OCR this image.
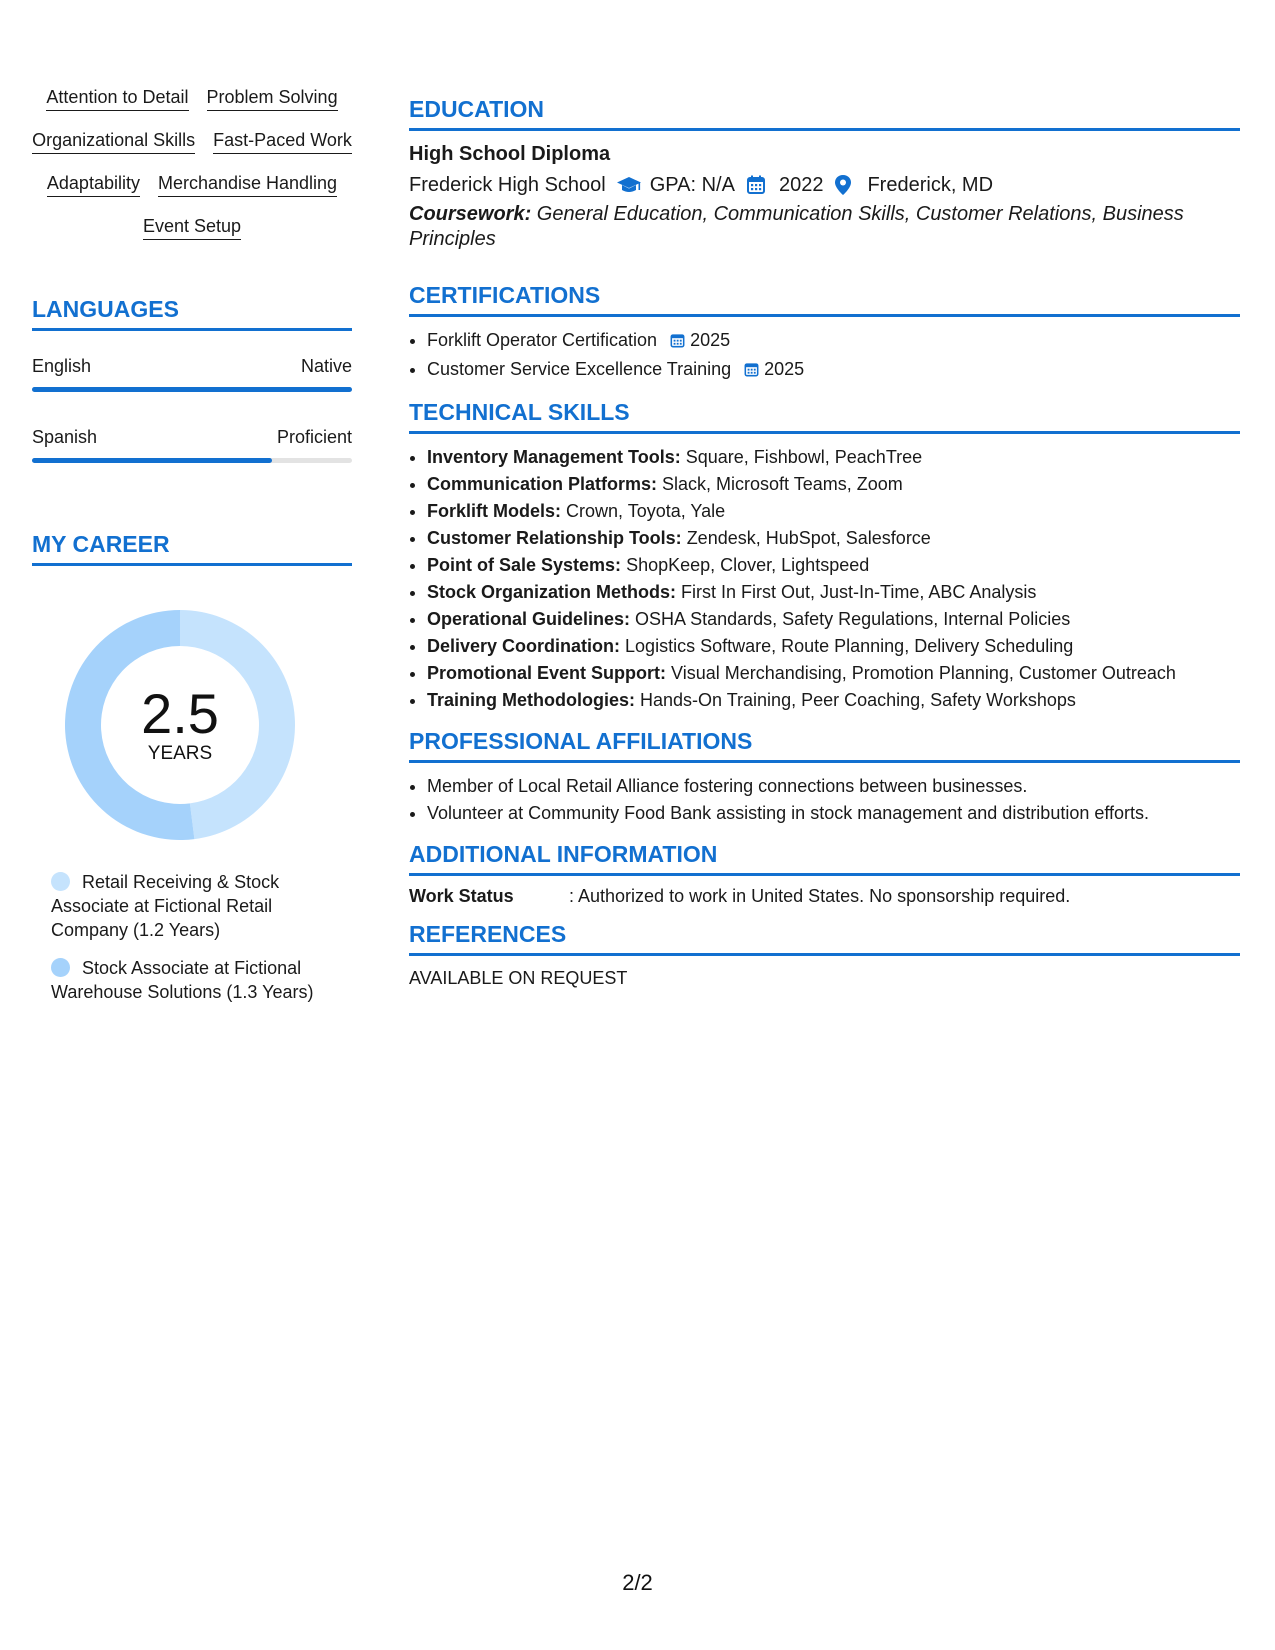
Attention to Detail Problem Solving
Organizational Skills Fast-Paced Work
Adaptability Merchandise Handling
Event Setup
LANGUAGES
English	Native
Spanish	Proficient
MY CAREER
2.5
YEARS
Retail Receiving & Stock Associate at Fictional Retail Company (1.2 Years)
Stock Associate at Fictional Warehouse Solutions (1.3 Years)
EDUCATION
High School Diploma
Frederick High School GPA: N/A 2022 Frederick, MD
Coursework: General Education, Communication Skills, Customer Relations, Business Principles
CERTIFICATIONS
• Forklift Operator Certification 2025
• Customer Service Excellence Training 2025
TECHNICAL SKILLS
• Inventory Management Tools: Square, Fishbowl, PeachTree
• Communication Platforms: Slack, Microsoft Teams, Zoom
• Forklift Models: Crown, Toyota, Yale
• Customer Relationship Tools: Zendesk, HubSpot, Salesforce
• Point of Sale Systems: ShopKeep, Clover, Lightspeed
• Stock Organization Methods: First In First Out, Just-In-Time, ABC Analysis
• Operational Guidelines: OSHA Standards, Safety Regulations, Internal Policies
• Delivery Coordination: Logistics Software, Route Planning, Delivery Scheduling
• Promotional Event Support: Visual Merchandising, Promotion Planning, Customer Outreach
• Training Methodologies: Hands-On Training, Peer Coaching, Safety Workshops
PROFESSIONAL AFFILIATIONS
• Member of Local Retail Alliance fostering connections between businesses.
• Volunteer at Community Food Bank assisting in stock management and distribution efforts.
ADDITIONAL INFORMATION
Work Status	: Authorized to work in United States. No sponsorship required.
REFERENCES
AVAILABLE ON REQUEST
2/2
